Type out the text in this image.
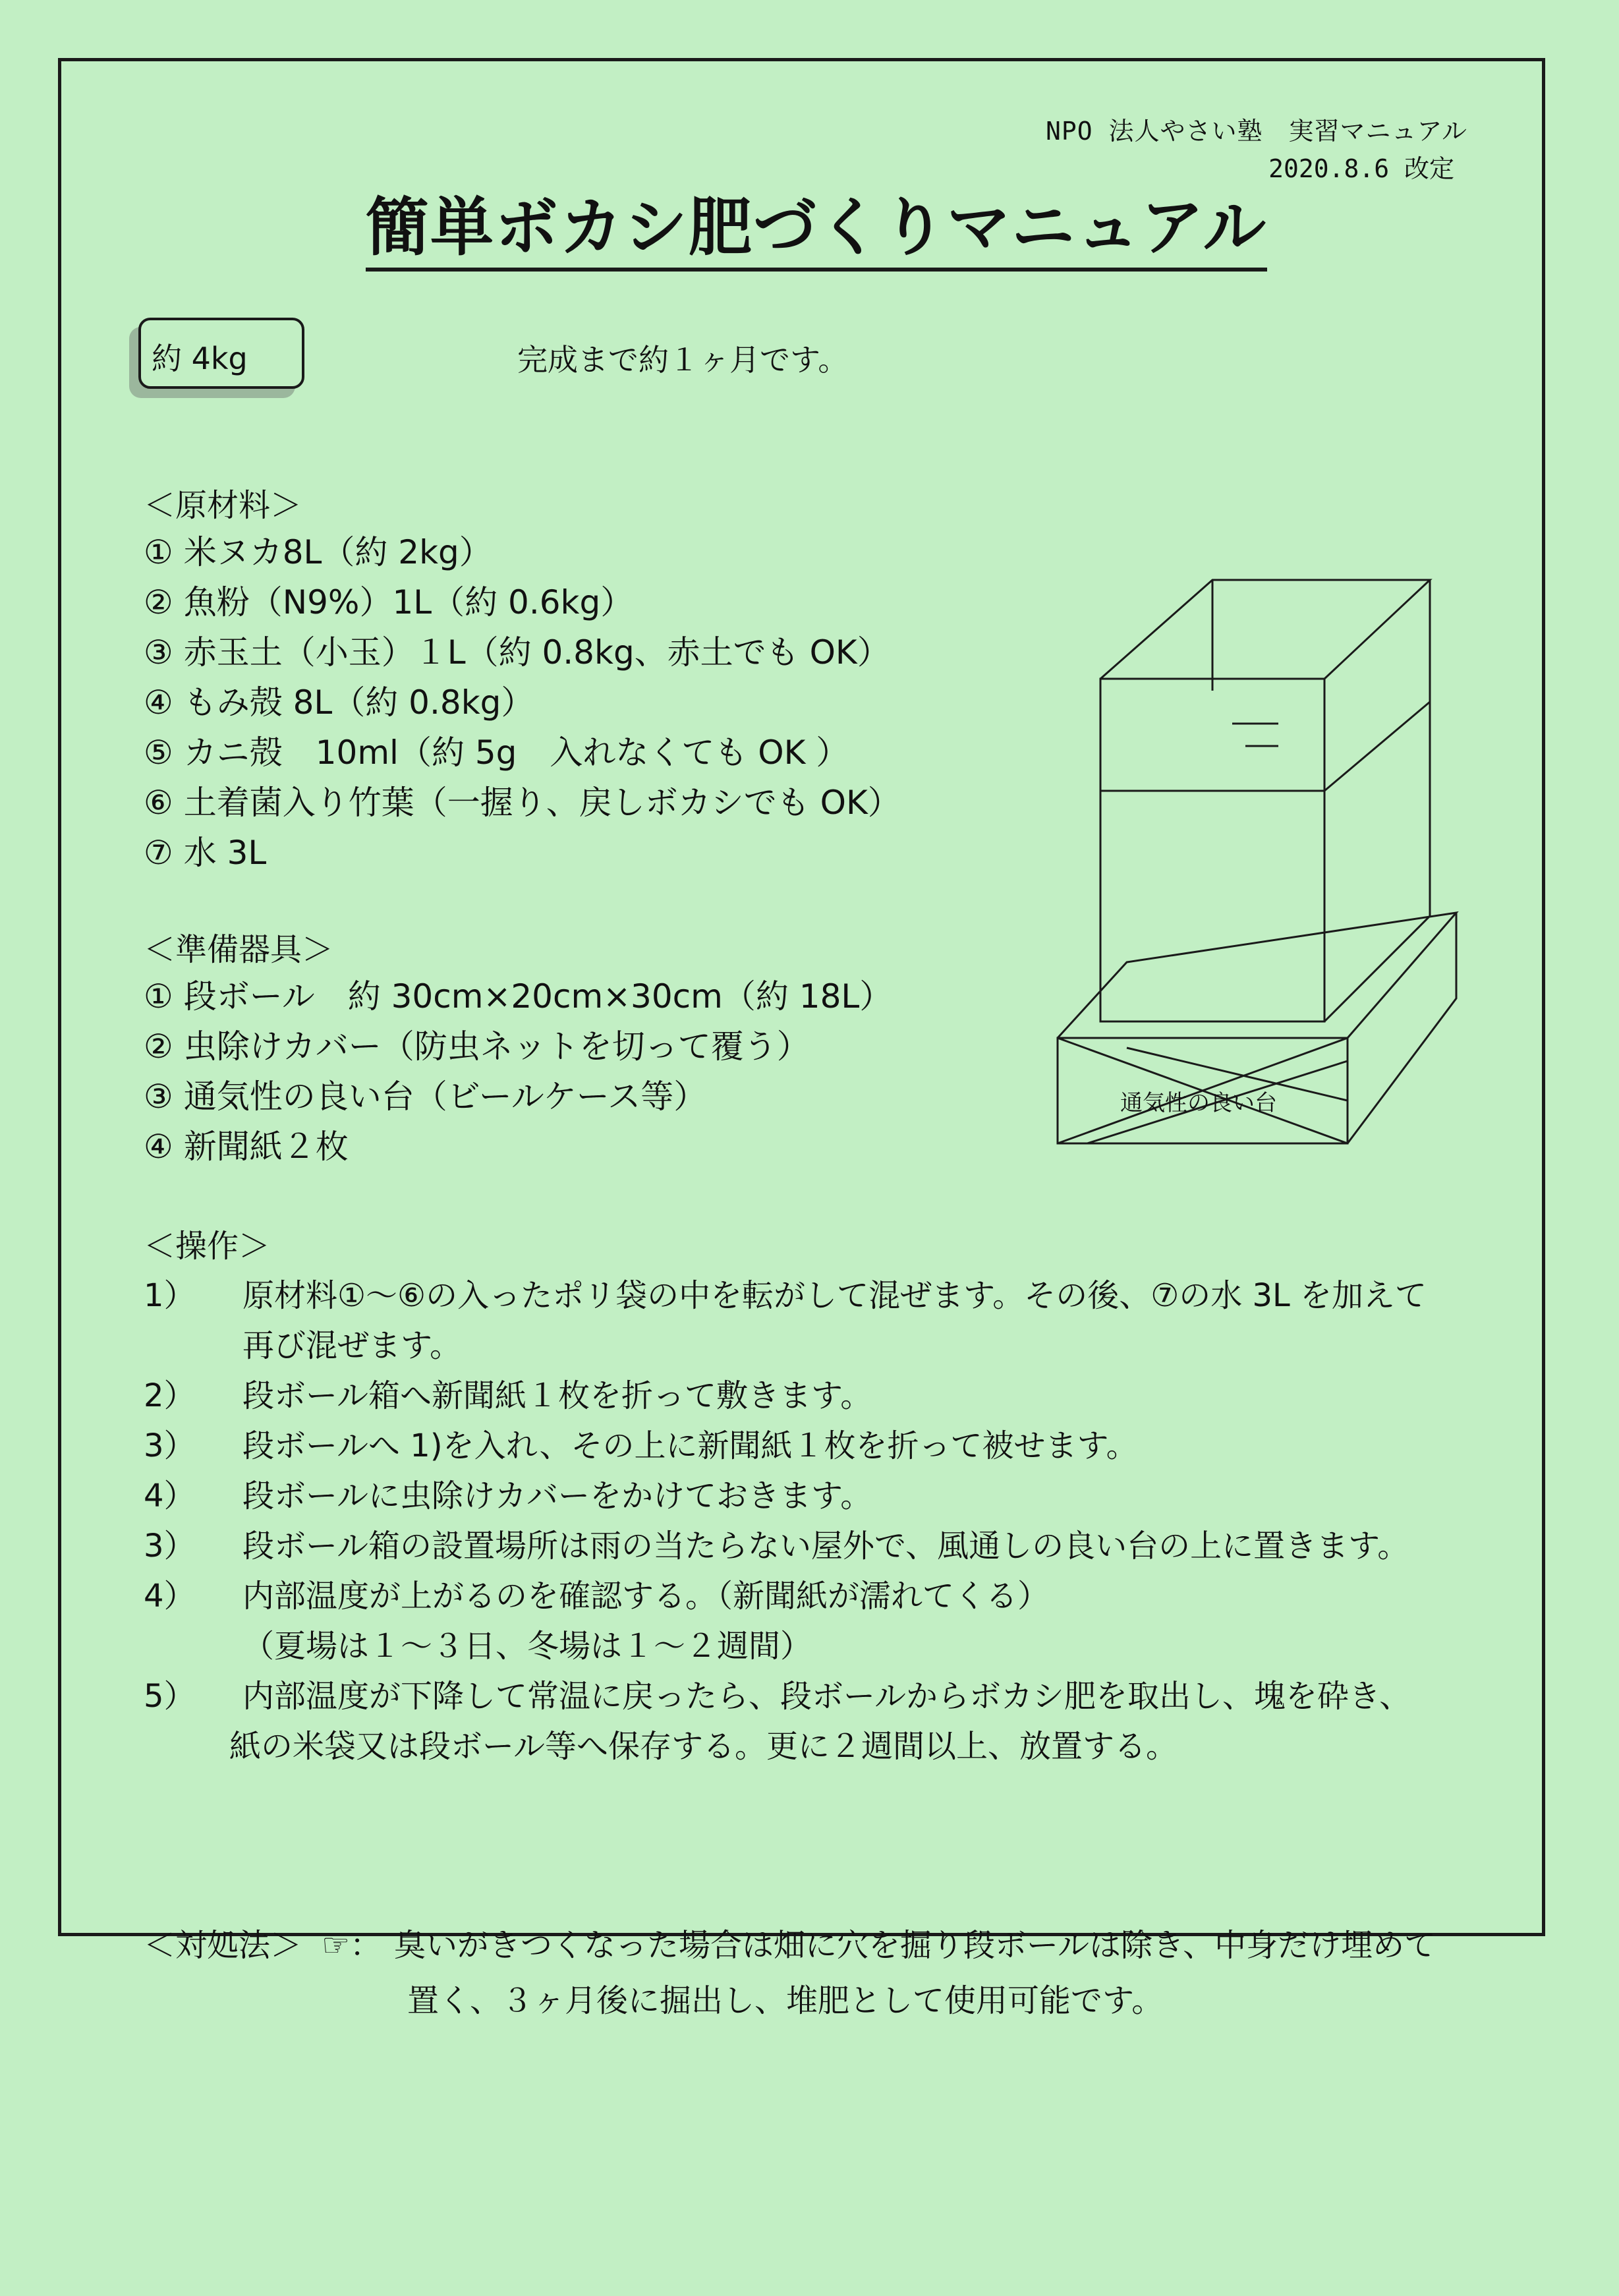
NPO 法人やさい塾　実習マニュアル
2020.8.6 改定
簡単ボカシ肥づくりマニュアル
約 4kg	完成まで約１ヶ月です。
＜原材料＞
① 米ヌカ8L（約 2kg）
② 魚粉（N9%）1L（約 0.6kg）
③ 赤玉土（小玉）１L（約 0.8kg、赤土でも OK）
④ もみ殻 8L（約 0.8kg）
⑤ カニ殻　10ml（約 5g　入れなくても OK ）
⑥ 土着菌入り竹葉（一握り、戻しボカシでも OK）
⑦ 水 3L
＜準備器具＞
① 段ボール　約 30cm×20cm×30cm（約 18L）
② 虫除けカバー（防虫ネットを切って覆う）
③ 通気性の良い台（ビールケース等）
④ 新聞紙２枚
通気性の良い台
＜操作＞
1）	原材料①～⑥の入ったポリ袋の中を転がして混ぜます。その後、⑦の水 3L を加えて
再び混ぜます。
2）	段ボール箱へ新聞紙１枚を折って敷きます。
3）	段ボールへ 1)を入れ、その上に新聞紙１枚を折って被せます。
4）	段ボールに虫除けカバーをかけておきます。
3）	段ボール箱の設置場所は雨の当たらない屋外で、風通しの良い台の上に置きます。
4）	内部温度が上がるのを確認する。（新聞紙が濡れてくる）
（夏場は１～３日、冬場は１～２週間）
5）	内部温度が下降して常温に戻ったら、段ボールからボカシ肥を取出し、塊を砕き、
紙の米袋又は段ボール等へ保存する。更に２週間以上、放置する。
＜対処法＞ ☞： 臭いがきつくなった場合は畑に穴を掘り段ボールは除き、中身だけ埋めて
置く、３ヶ月後に掘出し、堆肥として使用可能です。
